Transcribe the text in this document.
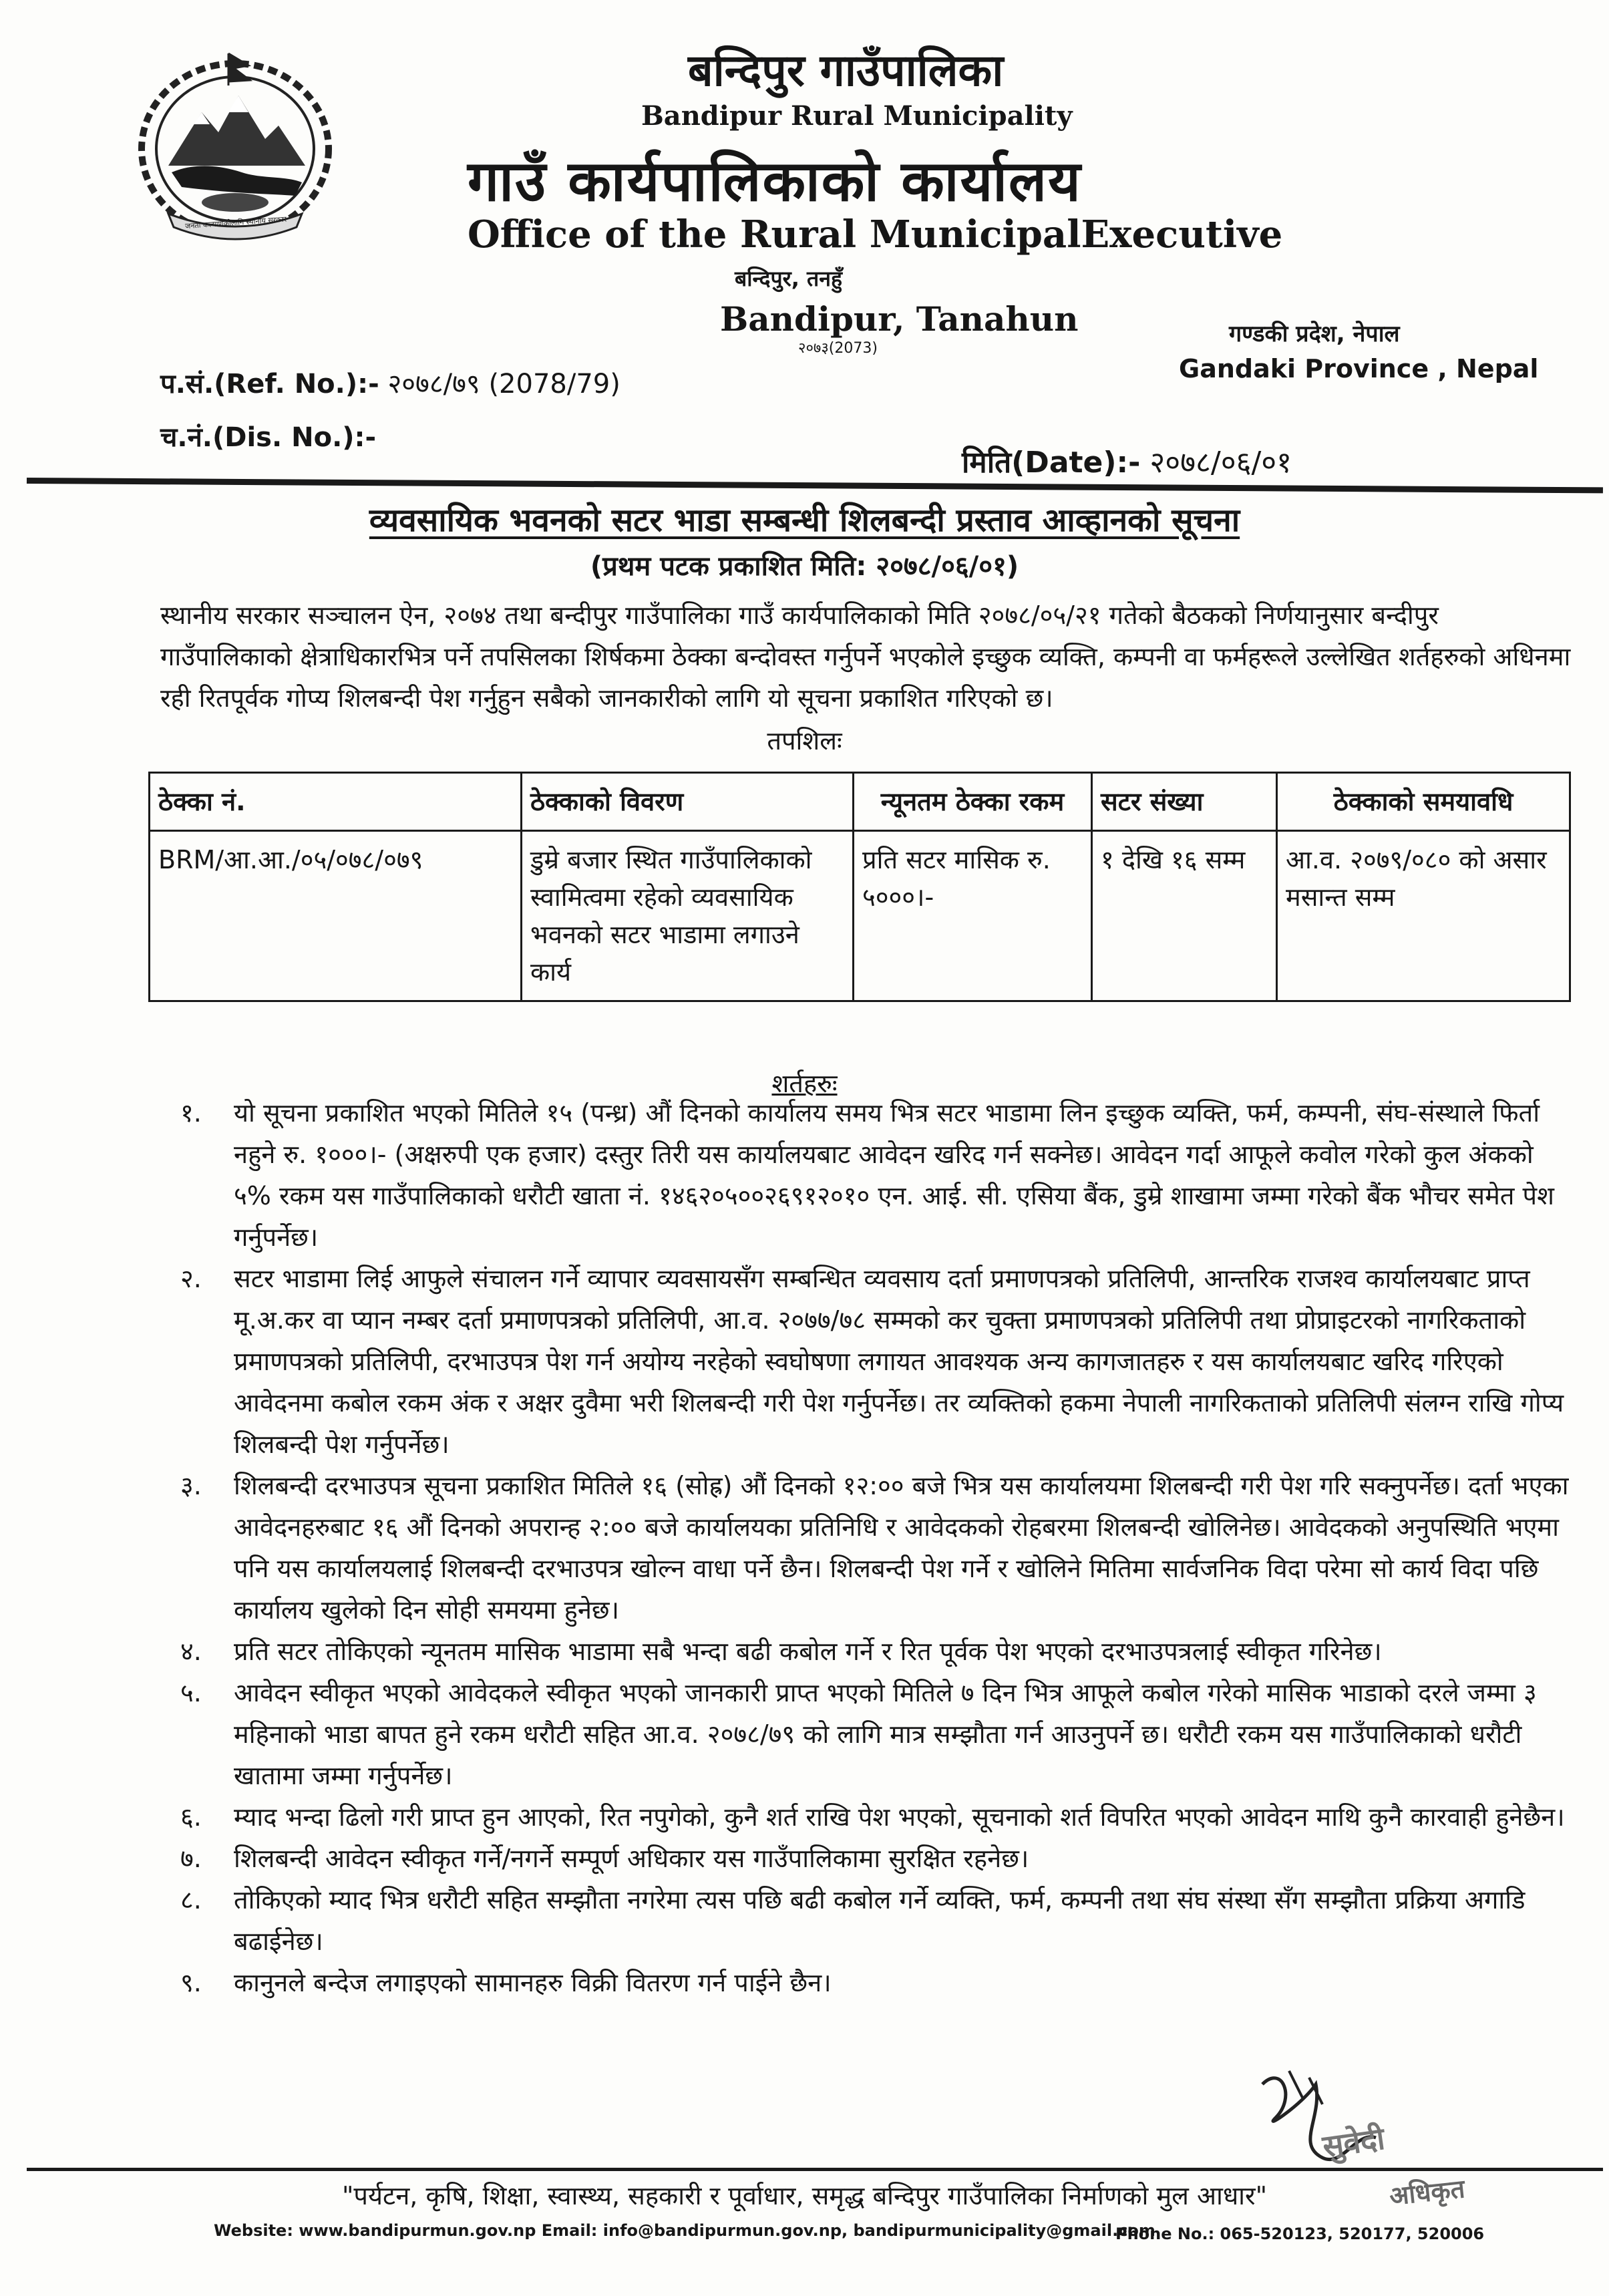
जनता कल्याणकोलागि स्थानीय सरकार
बन्दिपुर गाउँपालिका
Bandipur Rural Municipality
गाउँ कार्यपालिकाको कार्यालय
Office of the Rural MunicipalExecutive
बन्दिपुर, तनहुँ
Bandipur, Tanahun
२०७३(2073)
गण्डकी प्रदेश, नेपाल
Gandaki Province , Nepal
प.सं.(Ref. No.):- २०७८/७९ (2078/79)
च.नं.(Dis. No.):-
मिति(Date):- २०७८/०६/०१
व्यवसायिक भवनको सटर भाडा सम्बन्धी शिलबन्दी प्रस्ताव आव्हानको सूचना
(प्रथम पटक प्रकाशित मिति: २०७८/०६/०१)
स्थानीय सरकार सञ्चालन ऐन, २०७४ तथा बन्दीपुर गाउँपालिका गाउँ कार्यपालिकाको मिति २०७८/०५/२१ गतेको बैठकको निर्णयानुसार बन्दीपुर गाउँपालिकाको क्षेत्राधिकारभित्र पर्ने तपसिलका शिर्षकमा ठेक्का बन्दोवस्त गर्नुपर्ने भएकोले इच्छुक व्यक्ति, कम्पनी वा फर्महरूले उल्लेखित शर्तहरुको अधिनमा रही रितपूर्वक गोप्य शिलबन्दी पेश गर्नुहुन सबैको जानकारीको लागि यो सूचना प्रकाशित गरिएको छ।
तपशिलः
ठेक्का नं.	ठेक्काको विवरण	न्यूनतम ठेक्का रकम	सटर संख्या	ठेक्काको समयावधि
BRM/आ.आ./०५/०७८/०७९	डुम्रे बजार स्थित गाउँपालिकाको स्वामित्वमा रहेको व्यवसायिक भवनको सटर भाडामा लगाउने कार्य	प्रति सटर मासिक रु. ५०००।-	१ देखि १६ सम्म	आ.व. २०७९/०८० को असार मसान्त सम्म
शर्तहरुः
१. यो सूचना प्रकाशित भएको मितिले १५ (पन्ध्र) औं दिनको कार्यालय समय भित्र सटर भाडामा लिन इच्छुक व्यक्ति, फर्म, कम्पनी, संघ-संस्थाले फिर्ता नहुने रु. १०००।- (अक्षरुपी एक हजार) दस्तुर तिरी यस कार्यालयबाट आवेदन खरिद गर्न सक्नेछ। आवेदन गर्दा आफूले कवोल गरेको कुल अंकको ५% रकम यस गाउँपालिकाको धरौटी खाता नं. १४६२०५००२६९१२०१० एन. आई. सी. एसिया बैंक, डुम्रे शाखामा जम्मा गरेको बैंक भौचर समेत पेश गर्नुपर्नेछ।
२. सटर भाडामा लिई आफुले संचालन गर्ने व्यापार व्यवसायसँग सम्बन्धित व्यवसाय दर्ता प्रमाणपत्रको प्रतिलिपी, आन्तरिक राजश्व कार्यालयबाट प्राप्त मू.अ.कर वा प्यान नम्बर दर्ता प्रमाणपत्रको प्रतिलिपी, आ.व. २०७७/७८ सम्मको कर चुक्ता प्रमाणपत्रको प्रतिलिपी तथा प्रोप्राइटरको नागरिकताको प्रमाणपत्रको प्रतिलिपी, दरभाउपत्र पेश गर्न अयोग्य नरहेको स्वघोषणा लगायत आवश्यक अन्य कागजातहरु र यस कार्यालयबाट खरिद गरिएको आवेदनमा कबोल रकम अंक र अक्षर दुवैमा भरी शिलबन्दी गरी पेश गर्नुपर्नेछ। तर व्यक्तिको हकमा नेपाली नागरिकताको प्रतिलिपी संलग्न राखि गोप्य शिलबन्दी पेश गर्नुपर्नेछ।
३. शिलबन्दी दरभाउपत्र सूचना प्रकाशित मितिले १६ (सोह्र) औं दिनको १२:०० बजे भित्र यस कार्यालयमा शिलबन्दी गरी पेश गरि सक्नुपर्नेछ। दर्ता भएका आवेदनहरुबाट १६ औं दिनको अपरान्ह २:०० बजे कार्यालयका प्रतिनिधि र आवेदकको रोहबरमा शिलबन्दी खोलिनेछ। आवेदकको अनुपस्थिति भएमा पनि यस कार्यालयलाई शिलबन्दी दरभाउपत्र खोल्न वाधा पर्ने छैन। शिलबन्दी पेश गर्ने र खोलिने मितिमा सार्वजनिक विदा परेमा सो कार्य विदा पछि कार्यालय खुलेको दिन सोही समयमा हुनेछ।
४. प्रति सटर तोकिएको न्यूनतम मासिक भाडामा सबै भन्दा बढी कबोल गर्ने र रित पूर्वक पेश भएको दरभाउपत्रलाई स्वीकृत गरिनेछ।
५. आवेदन स्वीकृत भएको आवेदकले स्वीकृत भएको जानकारी प्राप्त भएको मितिले ७ दिन भित्र आफूले कबोल गरेको मासिक भाडाको दरले जम्मा ३ महिनाको भाडा बापत हुने रकम धरौटी सहित आ.व. २०७८/७९ को लागि मात्र सम्झौता गर्न आउनुपर्ने छ। धरौटी रकम यस गाउँपालिकाको धरौटी खातामा जम्मा गर्नुपर्नेछ।
६. म्याद भन्दा ढिलो गरी प्राप्त हुन आएको, रित नपुगेको, कुनै शर्त राखि पेश भएको, सूचनाको शर्त विपरित भएको आवेदन माथि कुनै कारवाही हुनेछैन।
७. शिलबन्दी आवेदन स्वीकृत गर्ने/नगर्ने सम्पूर्ण अधिकार यस गाउँपालिकामा सुरक्षित रहनेछ।
८. तोकिएको म्याद भित्र धरौटी सहित सम्झौता नगरेमा त्यस पछि बढी कबोल गर्ने व्यक्ति, फर्म, कम्पनी तथा संघ संस्था सँग सम्झौता प्रक्रिया अगाडि बढाईनेछ।
९. कानुनले बन्देज लगाइएको सामानहरु विक्री वितरण गर्न पाईने छैन।
सुवेदी
अधिकृत
"पर्यटन, कृषि, शिक्षा, स्वास्थ्य, सहकारी र पूर्वाधार, समृद्ध बन्दिपुर गाउँपालिका निर्माणको मुल आधार"
Website: www.bandipurmun.gov.np Email: info@bandipurmun.gov.np, bandipurmunicipality@gmail.com
Phone No.: 065-520123, 520177, 520006
